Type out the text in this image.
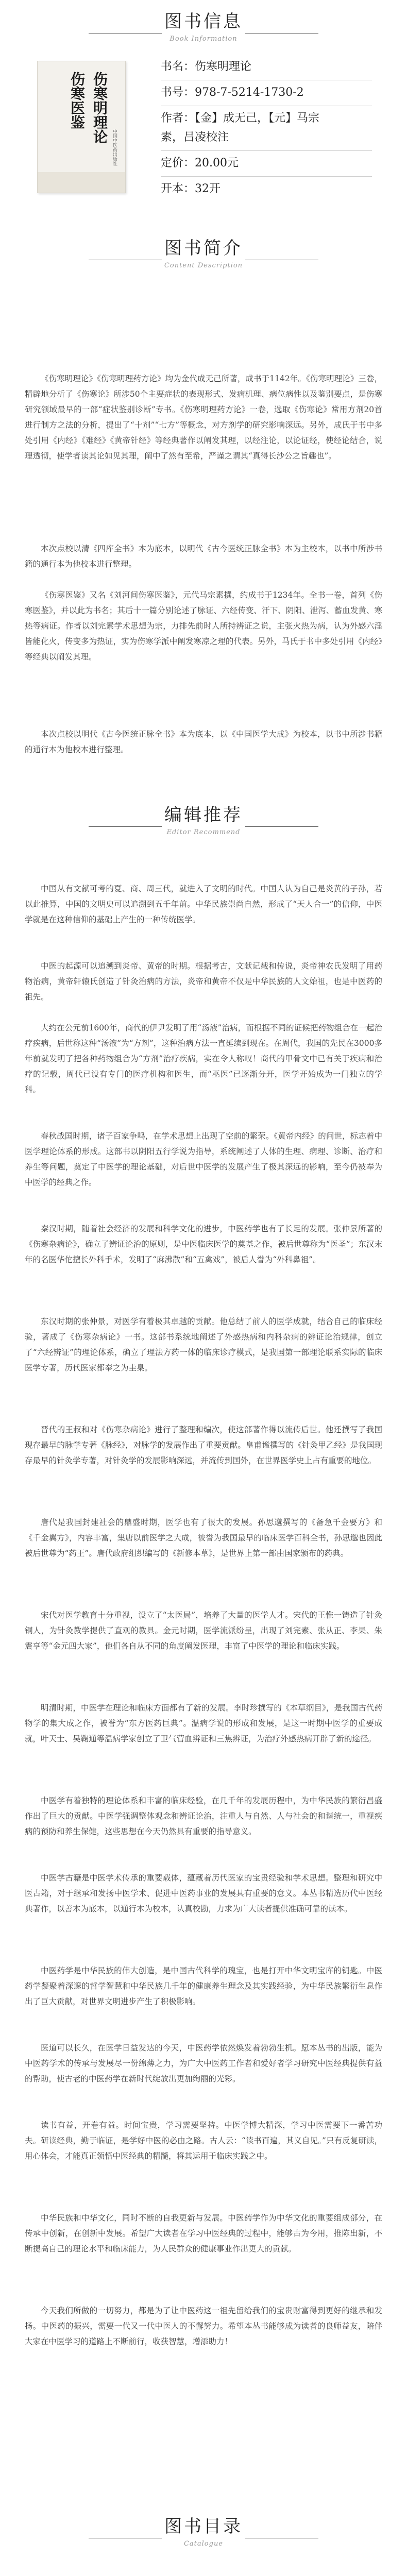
图书信息
Book Information
伤寒明理论
伤寒医鉴
中国中医药出版社
书名：伤寒明理论
书号：978-7-5214-1730-2
作者：【金】成无己，【元】马宗
素，吕凌校注
定价：20.00元
开本：32开
图书简介
Content Description

《伤寒明理论》《伤寒明理药方论》均为金代成无己所著，成书于1142年。《伤寒明理论》三卷，精辟地分析了《伤寒论》所涉50个主要症状的表现形式、发病机理、病位病性以及鉴别要点，是伤寒研究领域最早的一部“症状鉴别诊断”专书。《伤寒明理药方论》一卷，选取《伤寒论》常用方剂20首进行制方之法的分析，提出了“十剂”“七方”等概念，对方剂学的研究影响深远。另外，成氏于书中多处引用《内经》《难经》《黄帝针经》等经典著作以阐发其理，以经注论，以论证经，使经论结合，说理透彻，使学者读其论如见其理，阐中了然有至希，严谨之谓其“真得长沙公之旨趣也”。

本次点校以清《四库全书》本为底本，以明代《古今医统正脉全书》本为主校本，以书中所涉书籍的通行本为他校本进行整理。

《伤寒医鉴》又名《刘河间伤寒医鉴》，元代马宗素撰，约成书于1234年。全书一卷，首列《伤寒医鉴》，并以此为书名；其后十一篇分别论述了脉证、六经传变、汗下、阴阳、泄泻、蓄血发黄、寒热等病证。作者以刘完素学术思想为宗，力排先前时人所持辨证之说，主张火热为病，认为外感六淫皆能化火，传变多为热证，实为伤寒学派中阐发寒凉之理的代表。另外，马氏于书中多处引用《内经》等经典以阐发其理。

本次点校以明代《古今医统正脉全书》本为底本，以《中国医学大成》为校本，以书中所涉书籍的通行本为他校本进行整理。

编辑推荐
Editor Recommend

中国从有文献可考的夏、商、周三代，就进入了文明的时代。中国人认为自己是炎黄的子孙，若以此推算，中国的文明史可以追溯到五千年前。中华民族崇尚自然，形成了“天人合一”的信仰，中医学就是在这种信仰的基础上产生的一种传统医学。

中医的起源可以追溯到炎帝、黄帝的时期。根据考古，文献记载和传说，炎帝神农氏发明了用药物治病，黄帝轩辕氏创造了针灸治病的方法，炎帝和黄帝不仅是中华民族的人文始祖，也是中医药的祖先。

大约在公元前1600年，商代的伊尹发明了用“汤液”治病，而根据不同的证候把药物组合在一起治疗疾病，后世称这种“汤液”为“方剂”，这种治病方法一直延续到现在。在周代，我国的先民在3000多年前就发明了把各种药物组合为“方剂”治疗疾病，实在令人称叹！商代的甲骨文中已有关于疾病和治疗的记载，周代已设有专门的医疗机构和医生，而“巫医”已逐渐分开，医学开始成为一门独立的学科。

春秋战国时期，诸子百家争鸣，在学术思想上出现了空前的繁荣。《黄帝内经》的问世，标志着中医学理论体系的形成。这部书以阴阳五行学说为指导，系统阐述了人体的生理、病理、诊断、治疗和养生等问题，奠定了中医学的理论基础，对后世中医学的发展产生了极其深远的影响，至今仍被奉为中医学的经典之作。

秦汉时期，随着社会经济的发展和科学文化的进步，中医药学也有了长足的发展。张仲景所著的《伤寒杂病论》，确立了辨证论治的原则，是中医临床医学的奠基之作，被后世尊称为“医圣”；东汉末年的名医华佗擅长外科手术，发明了“麻沸散”和“五禽戏”，被后人誉为“外科鼻祖”。

东汉时期的张仲景，对医学有着极其卓越的贡献。他总结了前人的医学成就，结合自己的临床经验，著成了《伤寒杂病论》一书。这部书系统地阐述了外感热病和内科杂病的辨证论治规律，创立了“六经辨证”的理论体系，确立了理法方药一体的临床诊疗模式，是我国第一部理论联系实际的临床医学专著，历代医家都奉之为圭臬。

晋代的王叔和对《伤寒杂病论》进行了整理和编次，使这部著作得以流传后世。他还撰写了我国现存最早的脉学专著《脉经》，对脉学的发展作出了重要贡献。皇甫谧撰写的《针灸甲乙经》是我国现存最早的针灸学专著，对针灸学的发展影响深远，并流传到国外，在世界医学史上占有重要的地位。

唐代是我国封建社会的鼎盛时期，医学也有了很大的发展。孙思邈撰写的《备急千金要方》和《千金翼方》，内容丰富，集唐以前医学之大成，被誉为我国最早的临床医学百科全书，孙思邈也因此被后世尊为“药王”。唐代政府组织编写的《新修本草》，是世界上第一部由国家颁布的药典。

宋代对医学教育十分重视，设立了“太医局”，培养了大量的医学人才。宋代的王惟一铸造了针灸铜人，为针灸教学提供了直观的教具。金元时期，医学流派纷呈，出现了刘完素、张从正、李杲、朱震亨等“金元四大家”，他们各自从不同的角度阐发医理，丰富了中医学的理论和临床实践。

明清时期，中医学在理论和临床方面都有了新的发展。李时珍撰写的《本草纲目》，是我国古代药物学的集大成之作，被誉为“东方医药巨典”。温病学说的形成和发展，是这一时期中医学的重要成就，叶天士、吴鞠通等温病学家创立了卫气营血辨证和三焦辨证，为治疗外感热病开辟了新的途径。

中医学有着独特的理论体系和丰富的临床经验，在几千年的发展历程中，为中华民族的繁衍昌盛作出了巨大的贡献。中医学强调整体观念和辨证论治，注重人与自然、人与社会的和谐统一，重视疾病的预防和养生保健，这些思想在今天仍然具有重要的指导意义。

中医学古籍是中医学术传承的重要载体，蕴藏着历代医家的宝贵经验和学术思想。整理和研究中医古籍，对于继承和发扬中医学术、促进中医药事业的发展具有重要的意义。本丛书精选历代中医经典著作，以善本为底本，以通行本为校本，认真校勘，力求为广大读者提供准确可靠的读本。

中医药学是中华民族的伟大创造，是中国古代科学的瑰宝，也是打开中华文明宝库的钥匙。中医药学凝聚着深邃的哲学智慧和中华民族几千年的健康养生理念及其实践经验，为中华民族繁衍生息作出了巨大贡献，对世界文明进步产生了积极影响。

医道可以长久，在医学日益发达的今天，中医药学依然焕发着勃勃生机。愿本丛书的出版，能为中医药学术的传承与发展尽一份绵薄之力，为广大中医药工作者和爱好者学习研究中医经典提供有益的帮助，使古老的中医药学在新时代绽放出更加绚丽的光彩。

读书有益，开卷有益。时间宝贵，学习需要坚持。中医学博大精深，学习中医需要下一番苦功夫。研读经典，勤于临证，是学好中医的必由之路。古人云：“读书百遍，其义自见。”只有反复研读，用心体会，才能真正领悟中医经典的精髓，将其运用于临床实践之中。

中华民族和中华文化，同时不断的自我更新与发展。中医药学作为中华文化的重要组成部分，在传承中创新，在创新中发展。希望广大读者在学习中医经典的过程中，能够古为今用，推陈出新，不断提高自己的理论水平和临床能力，为人民群众的健康事业作出更大的贡献。

今天我们所做的一切努力，都是为了让中医药这一祖先留给我们的宝贵财富得到更好的继承和发扬。中医药的振兴，需要一代又一代中医人的不懈努力。希望本丛书能够成为读者的良师益友，陪伴大家在中医学习的道路上不断前行，收获智慧，增添助力！

图书目录
Catalogue
